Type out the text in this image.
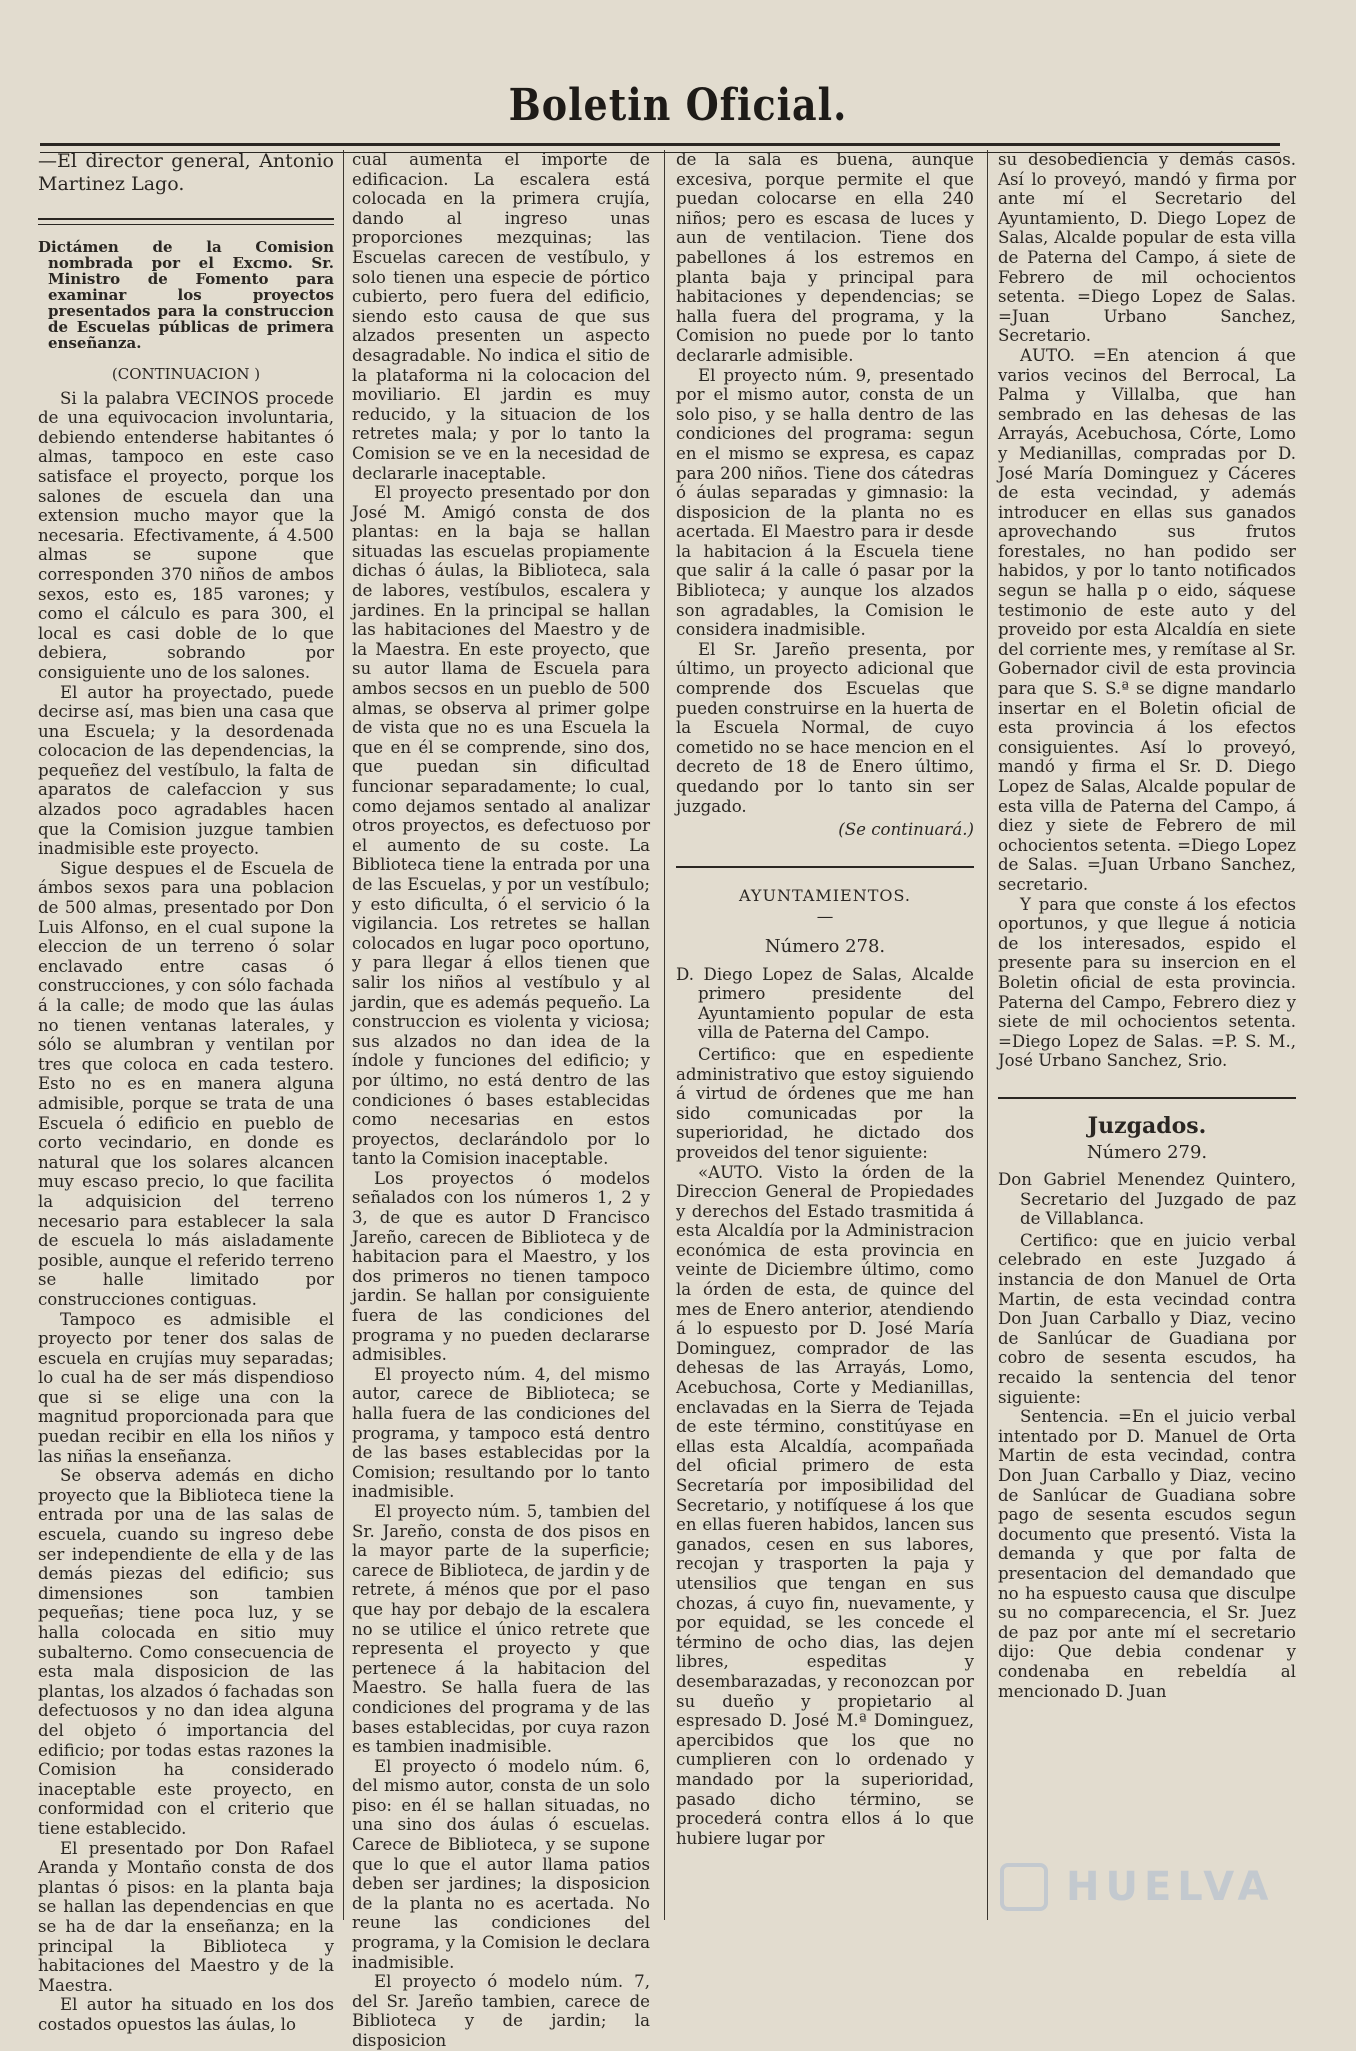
Boletin Oficial.

—El director general, Antonio Martinez Lago.

Dictámen de la Comision nombrada por el Excmo. Sr. Ministro de Fomento para examinar los proyectos presentados para la construccion de Escuelas públicas de primera enseñanza.

(CONTINUACION )

Si la palabra VECINOS procede de una equivocacion involuntaria, debiendo entenderse habitantes ó almas, tampoco en este caso satisface el proyecto, porque los salones de escuela dan una extension mucho mayor que la necesaria. Efectivamente, á 4.500 almas se supone que corresponden 370 niños de ambos sexos, esto es, 185 varones; y como el cálculo es para 300, el local es casi doble de lo que debiera, sobrando por consiguiente uno de los salones.

El autor ha proyectado, puede decirse así, mas bien una casa que una Escuela; y la desordenada colocacion de las dependencias, la pequeñez del vestíbulo, la falta de aparatos de calefaccion y sus alzados poco agradables hacen que la Comision juzgue tambien inadmisible este proyecto.

Sigue despues el de Escuela de ámbos sexos para una poblacion de 500 almas, presentado por Don Luis Alfonso, en el cual supone la eleccion de un terreno ó solar enclavado entre casas ó construcciones, y con sólo fachada á la calle; de modo que las áulas no tienen ventanas laterales, y sólo se alumbran y ventilan por tres que coloca en cada testero. Esto no es en manera alguna admisible, porque se trata de una Escuela ó edificio en pueblo de corto vecindario, en donde es natural que los solares alcancen muy escaso precio, lo que facilita la adquisicion del terreno necesario para establecer la sala de escuela lo más aisladamente posible, aunque el referido terreno se halle limitado por construcciones contiguas.

Tampoco es admisible el proyecto por tener dos salas de escuela en crujías muy separadas; lo cual ha de ser más dispendioso que si se elige una con la magnitud proporcionada para que puedan recibir en ella los niños y las niñas la enseñanza.

Se observa además en dicho proyecto que la Biblioteca tiene la entrada por una de las salas de escuela, cuando su ingreso debe ser independiente de ella y de las demás piezas del edificio; sus dimensiones son tambien pequeñas; tiene poca luz, y se halla colocada en sitio muy subalterno. Como consecuencia de esta mala disposicion de las plantas, los alzados ó fachadas son defectuosos y no dan idea alguna del objeto ó importancia del edificio; por todas estas razones la Comision ha considerado inaceptable este proyecto, en conformidad con el criterio que tiene establecido.

El presentado por Don Rafael Aranda y Montaño consta de dos plantas ó pisos: en la planta baja se hallan las dependencias en que se ha de dar la enseñanza; en la principal la Biblioteca y habitaciones del Maestro y de la Maestra.

El autor ha situado en los dos costados opuestos las áulas, lo

cual aumenta el importe de edificacion. La escalera está colocada en la primera crujía, dando al ingreso unas proporciones mezquinas; las Escuelas carecen de vestíbulo, y solo tienen una especie de pórtico cubierto, pero fuera del edificio, siendo esto causa de que sus alzados presenten un aspecto desagradable. No indica el sitio de la plataforma ni la colocacion del moviliario. El jardin es muy reducido, y la situacion de los retretes mala; y por lo tanto la Comision se ve en la necesidad de declararle inaceptable.

El proyecto presentado por don José M. Amigó consta de dos plantas: en la baja se hallan situadas las escuelas propiamente dichas ó áulas, la Biblioteca, sala de labores, vestíbulos, escalera y jardines. En la principal se hallan las habitaciones del Maestro y de la Maestra. En este proyecto, que su autor llama de Escuela para ambos secsos en un pueblo de 500 almas, se observa al primer golpe de vista que no es una Escuela la que en él se comprende, sino dos, que puedan sin dificultad funcionar separadamente; lo cual, como dejamos sentado al analizar otros proyectos, es defectuoso por el aumento de su coste. La Biblioteca tiene la entrada por una de las Escuelas, y por un vestíbulo; y esto dificulta, ó el servicio ó la vigilancia. Los retretes se hallan colocados en lugar poco oportuno, y para llegar á ellos tienen que salir los niños al vestíbulo y al jardin, que es además pequeño. La construccion es violenta y viciosa; sus alzados no dan idea de la índole y funciones del edificio; y por último, no está dentro de las condiciones ó bases establecidas como necesarias en estos proyectos, declarándolo por lo tanto la Comision inaceptable.

Los proyectos ó modelos señalados con los números 1, 2 y 3, de que es autor D Francisco Jareño, carecen de Biblioteca y de habitacion para el Maestro, y los dos primeros no tienen tampoco jardin. Se hallan por consiguiente fuera de las condiciones del programa y no pueden declararse admisibles.

El proyecto núm. 4, del mismo autor, carece de Biblioteca; se halla fuera de las condiciones del programa, y tampoco está dentro de las bases establecidas por la Comision; resultando por lo tanto inadmisible.

El proyecto núm. 5, tambien del Sr. Jareño, consta de dos pisos en la mayor parte de la superficie; carece de Biblioteca, de jardin y de retrete, á ménos que por el paso que hay por debajo de la escalera no se utilice el único retrete que representa el proyecto y que pertenece á la habitacion del Maestro. Se halla fuera de las condiciones del programa y de las bases establecidas, por cuya razon es tambien inadmisible.

El proyecto ó modelo núm. 6, del mismo autor, consta de un solo piso: en él se hallan situadas, no una sino dos áulas ó escuelas. Carece de Biblioteca, y se supone que lo que el autor llama patios deben ser jardines; la disposicion de la planta no es acertada. No reune las condiciones del programa, y la Comision le declara inadmisible.

El proyecto ó modelo núm. 7, del Sr. Jareño tambien, carece de Biblioteca y de jardin; la disposicion

de la sala es buena, aunque excesiva, porque permite el que puedan colocarse en ella 240 niños; pero es escasa de luces y aun de ventilacion. Tiene dos pabellones á los estremos en planta baja y principal para habitaciones y dependencias; se halla fuera del programa, y la Comision no puede por lo tanto declararle admisible.

El proyecto núm. 9, presentado por el mismo autor, consta de un solo piso, y se halla dentro de las condiciones del programa: segun en el mismo se expresa, es capaz para 200 niños. Tiene dos cátedras ó áulas separadas y gimnasio: la disposicion de la planta no es acertada. El Maestro para ir desde la habitacion á la Escuela tiene que salir á la calle ó pasar por la Biblioteca; y aunque los alzados son agradables, la Comision le considera inadmisible.

El Sr. Jareño presenta, por último, un proyecto adicional que comprende dos Escuelas que pueden construirse en la huerta de la Escuela Normal, de cuyo cometido no se hace mencion en el decreto de 18 de Enero último, quedando por lo tanto sin ser juzgado.

(Se continuará.)

AYUNTAMIENTOS.

—

Número 278.

D. Diego Lopez de Salas, Alcalde primero presidente del Ayuntamiento popular de esta villa de Paterna del Campo.

Certifico: que en espediente administrativo que estoy siguiendo á virtud de órdenes que me han sido comunicadas por la superioridad, he dictado dos proveidos del tenor siguiente:

«AUTO. Visto la órden de la Direccion General de Propiedades y derechos del Estado trasmitida á esta Alcaldía por la Administracion económica de esta provincia en veinte de Diciembre último, como la órden de esta, de quince del mes de Enero anterior, atendiendo á lo espuesto por D. José María Dominguez, comprador de las dehesas de las Arrayás, Lomo, Acebuchosa, Corte y Medianillas, enclavadas en la Sierra de Tejada de este término, constitúyase en ellas esta Alcaldía, acompañada del oficial primero de esta Secretaría por imposibilidad del Secretario, y notifíquese á los que en ellas fueren habidos, lancen sus ganados, cesen en sus labores, recojan y trasporten la paja y utensilios que tengan en sus chozas, á cuyo fin, nuevamente, y por equidad, se les concede el término de ocho dias, las dejen libres, espeditas y desembarazadas, y reconozcan por su dueño y propietario al espresado D. José M.ª Dominguez, apercibidos que los que no cumplieren con lo ordenado y mandado por la superioridad, pasado dicho término, se procederá contra ellos á lo que hubiere lugar por

su desobediencia y demás casos. Así lo proveyó, mandó y firma por ante mí el Secretario del Ayuntamiento, D. Diego Lopez de Salas, Alcalde popular de esta villa de Paterna del Campo, á siete de Febrero de mil ochocientos setenta. =Diego Lopez de Salas. =Juan Urbano Sanchez, Secretario.

AUTO. =En atencion á que varios vecinos del Berrocal, La Palma y Villalba, que han sembrado en las dehesas de las Arrayás, Acebuchosa, Córte, Lomo y Medianillas, compradas por D. José María Dominguez y Cáceres de esta vecindad, y además introducer en ellas sus ganados aprovechando sus frutos forestales, no han podido ser habidos, y por lo tanto notificados segun se halla p o eido, sáquese testimonio de este auto y del proveido por esta Alcaldía en siete del corriente mes, y remítase al Sr. Gobernador civil de esta provincia para que S. S.ª se digne mandarlo insertar en el Boletin oficial de esta provincia á los efectos consiguientes. Así lo proveyó, mandó y firma el Sr. D. Diego Lopez de Salas, Alcalde popular de esta villa de Paterna del Campo, á diez y siete de Febrero de mil ochocientos setenta. =Diego Lopez de Salas. =Juan Urbano Sanchez, secretario.

Y para que conste á los efectos oportunos, y que llegue á noticia de los interesados, espido el presente para su insercion en el Boletin oficial de esta provincia. Paterna del Campo, Febrero diez y siete de mil ochocientos setenta. =Diego Lopez de Salas. =P. S. M., José Urbano Sanchez, Srio.

Juzgados.

Número 279.

Don Gabriel Menendez Quintero, Secretario del Juzgado de paz de Villablanca.

Certifico: que en juicio verbal celebrado en este Juzgado á instancia de don Manuel de Orta Martin, de esta vecindad contra Don Juan Carballo y Diaz, vecino de Sanlúcar de Guadiana por cobro de sesenta escudos, ha recaido la sentencia del tenor siguiente:

Sentencia. =En el juicio verbal intentado por D. Manuel de Orta Martin de esta vecindad, contra Don Juan Carballo y Diaz, vecino de Sanlúcar de Guadiana sobre pago de sesenta escudos segun documento que presentó. Vista la demanda y que por falta de presentacion del demandado que no ha espuesto causa que disculpe su no comparecencia, el Sr. Juez de paz por ante mí el secretario dijo: Que debia condenar y condenaba en rebeldía al mencionado D. Juan

HUELVA
